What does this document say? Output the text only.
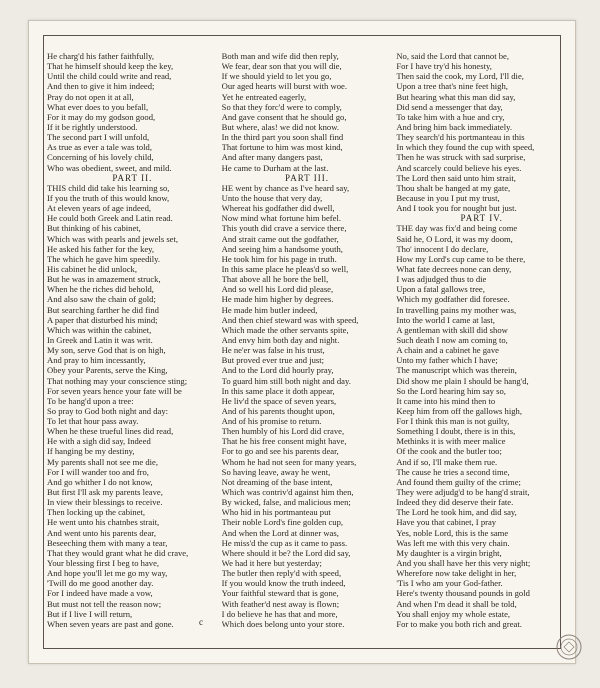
He charg'd his father faithfully,
That he himself should keep the key,
Until the child could write and read,
And then to give it him indeed;
Pray do not open it at all,
What ever does to you befall,
For it may do my godson good,
If it be rightly understood.
The second part I will unfold,
As true as ever a tale was told,
Concerning of his lovely child,
Who was obedient, sweet, and mild.
PART II.
THIS child did take his learning so,
If you the truth of this would know,
At eleven years of age indeed,
He could both Greek and Latin read.
But thinking of his cabinet,
Which was with pearls and jewels set,
He asked his father for the key,
The which he gave him speedily.
His cabinet he did unlock,
But he was in amazement struck,
When he the riches did behold,
And also saw the chain of gold;
But searching farther he did find
A paper that disturbed his mind;
Which was within the cabinet,
In Greek and Latin it was writ.
My son, serve God that is on high,
And pray to him incessantly,
Obey your Parents, serve the King,
That nothing may your conscience sting;
For seven years hence your fate will be
To be hang'd upon a tree:
So pray to God both night and day:
To let that hour pass away.
When he these trueful lines did read,
He with a sigh did say, Indeed
If hanging be my destiny,
My parents shall not see me die,
For I will wander too and fro,
And go whither I do not know,
But first I'll ask my parents leave,
In view their blessings to receive.
Then locking up the cabinet,
He went unto his chatnbes strait,
And went unto his parents dear,
Beseeching them with many a tear,
That they would grant what he did crave,
Your blessing first I beg to have,
And hope you'll let me go my way,
'Twill do me good another day.
For I indeed have made a vow,
But must not tell the reason now;
But if I live I will return,
When seven years are past and gone.
Both man and wife did then reply,
We fear, dear son that you will die,
If we should yield to let you go,
Our aged hearts will burst with woe.
Yet he entreated eagerly,
So that they forc'd were to comply,
And gave consent that he should go,
But where, alas! we did not know.
In the third part you soon shall find
That fortune to him was most kind,
And after many dangers past,
He came to Durham at the last.
PART III.
HE went by chance as I've heard say,
Unto the house that very day,
Whereat his godfather did dwell,
Now mind what fortune him befel.
This youth did crave a service there,
And strait came out the godfather,
And seeing him a handsome youth,
He took him for his page in truth.
In this same place he pleas'd so well,
That above all he bore the bell,
And so well his Lord did please,
He made him higher by degrees.
He made him butler indeed,
And then chief steward was with speed,
Which made the other servants spite,
And envy him both day and night.
He ne'er was false in his trust,
But proved ever true and just;
And to the Lord did hourly pray,
To guard him still both night and day.
In this same place it doth appear,
He liv'd the space of seven years,
And of his parents thought upon,
And of his promise to return.
Then humbly of his Lord did crave,
That he his free consent might have,
For to go and see his parents dear,
Whom he had not seen for many years,
So having leave, away he went,
Not dreaming of the base intent,
Which was contriv'd against him then,
By wicked, false, and malicious men;
Who hid in his portmanteau put
Their noble Lord's fine golden cup,
And when the Lord at dinner was,
He miss'd the cup as it came to pass.
Where should it be? the Lord did say,
We had it here but yesterday;
The butler then reply'd with speed,
If you would know the truth indeed,
Your faithful steward that is gone,
With feather'd nest away is flown;
I do believe he has that and more,
Which does belong unto your store.
No, said the Lord that cannot be,
For I have try'd his honesty,
Then said the cook, my Lord, I'll die,
Upon a tree that's nine feet high,
But hearing what this man did say,
Did send a messenger that day,
To take him with a hue and cry,
And bring him back immediately.
They search'd his portmanteau in this
In which they found the cup with speed,
Then he was struck with sad surprise,
And scarcely could believe his eyes.
The Lord then said unto him strait,
Thou shalt be hanged at my gate,
Because in you I put my trust,
And I took you for nought but just.
PART IV.
THE day was fix'd and being come
Said he, O Lord, it was my doom,
Tho' innocent I do declare,
How my Lord's cup came to be there,
What fate decrees none can deny,
I was adjudged thus to die
Upon a fatal gallows tree,
Which my godfather did foresee.
In travelling pains my mother was,
Into the world I came at last,
A gentleman with skill did show
Such death I now am coming to,
A chain and a cabinet he gave
Unto my father which I have;
The manuscript which was therein,
Did show me plain I should be hang'd,
So the Lord hearing him say so,
It came into his mind then to
Keep him from off the gallows high,
For I think this man is not guilty,
Something I doubt, there is in this,
Methinks it is with meer malice
Of the cook and the butler too;
And if so, I'll make them rue.
The cause he tries a second time,
And found them guilty of the crime;
They were adjudg'd to be hang'd strait,
Indeed they did deserve their fate.
The Lord he took him, and did say,
Have you that cabinet, I pray
Yes, noble Lord, this is the same
Was left me with this very chain.
My daughter is a virgin bright,
And you shall have her this very night;
Wherefore now take delight in her,
'Tis I who am your God-father.
Here's twenty thousand pounds in gold
And when I'm dead it shall be told,
You shall enjoy my whole estate,
For to make you both rich and great.
c
